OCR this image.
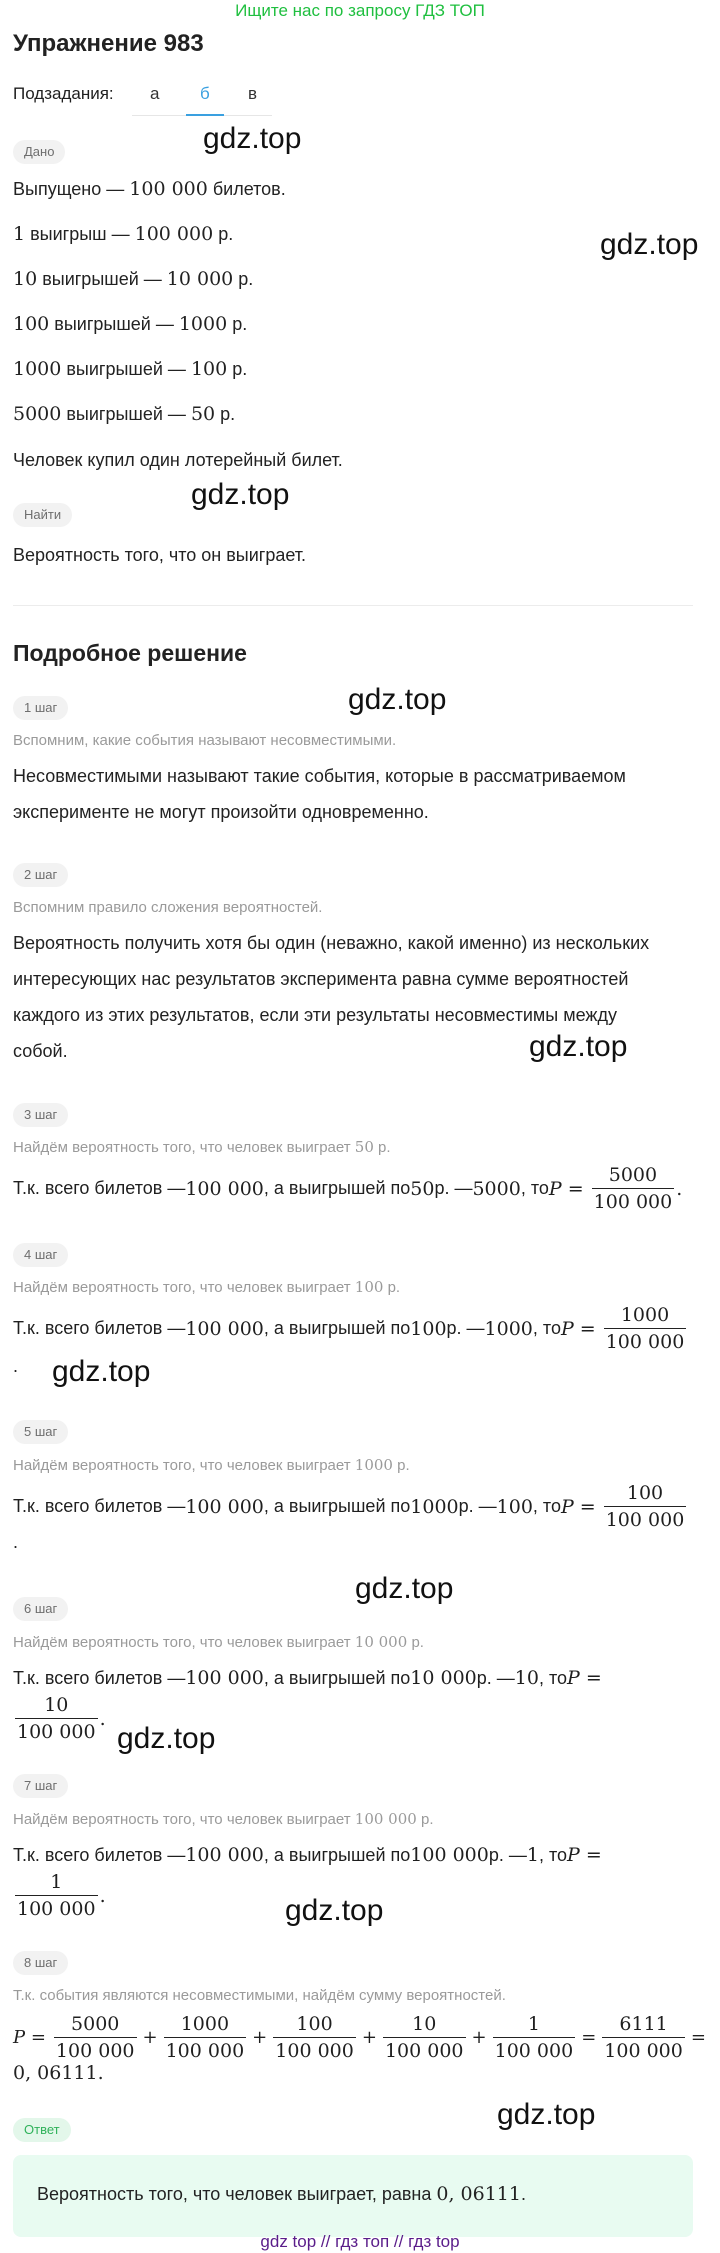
Ищите нас по запросу ГДЗ ТОП
Упражнение 983
Подзадания: а б в
Дано
Выпущено — 100 000 билетов.
1 выигрыш — 100 000 р.
10 выигрышей — 10 000 р.
100 выигрышей — 1000 р.
1000 выигрышей — 100 р.
5000 выигрышей — 50 р.
Человек купил один лотерейный билет.
Найти
Вероятность того, что он выиграет.
Подробное решение
1 шаг
Вспомним, какие события называют несовместимыми.
Несовместимыми называют такие события, которые в рассматриваемом
эксперименте не могут произойти одновременно.
2 шаг
Вспомним правило сложения вероятностей.
Вероятность получить хотя бы один (неважно, какой именно) из нескольких
интересующих нас результатов эксперимента равна сумме вероятностей
каждого из этих результатов, если эти результаты несовместимы между
собой.
3 шаг
Найдём вероятность того, что человек выиграет 50 р.
Т.к. всего билетов — 100 000 , а выигрышей по 50 р. — 5000 , то $P = \frac{5000}{100 000}$ .
4 шаг
Найдём вероятность того, что человек выиграет 100 р.
Т.к. всего билетов — 100 000 , а выигрышей по 100 р. — 1000 , то $P = \frac{1000}{100 000}$
.
5 шаг
Найдём вероятность того, что человек выиграет 1000 р.
Т.к. всего билетов — 100 000 , а выигрышей по 1000 р. — 100 , то $P = \frac{100}{100 000}$
.
6 шаг
Найдём вероятность того, что человек выиграет 10 000 р.
Т.к. всего билетов — 100 000 , а выигрышей по 10 000 р. — 10 , то P =
$\frac{10}{100 000}$ .
7 шаг
Найдём вероятность того, что человек выиграет 100 000 р.
Т.к. всего билетов — 100 000 , а выигрышей по 100 000 р. — 1 , то P =
$\frac{1}{100 000}$ .
8 шаг
Т.к. события являются несовместимыми, найдём сумму вероятностей.
$P = \frac{5000}{100 000} + \frac{1000}{100 000} + \frac{100}{100 000} + \frac{10}{100 000} + \frac{1}{100 000} = \frac{6111}{100 000}$ =
0, 06111.
Ответ
Вероятность того, что человек выиграет, равна 0, 06111.
gdz.top
gdz.top
gdz.top
gdz.top
gdz.top
gdz.top
gdz.top
gdz.top
gdz.top
gdz.top
gdz top // гдз топ // гдз top
